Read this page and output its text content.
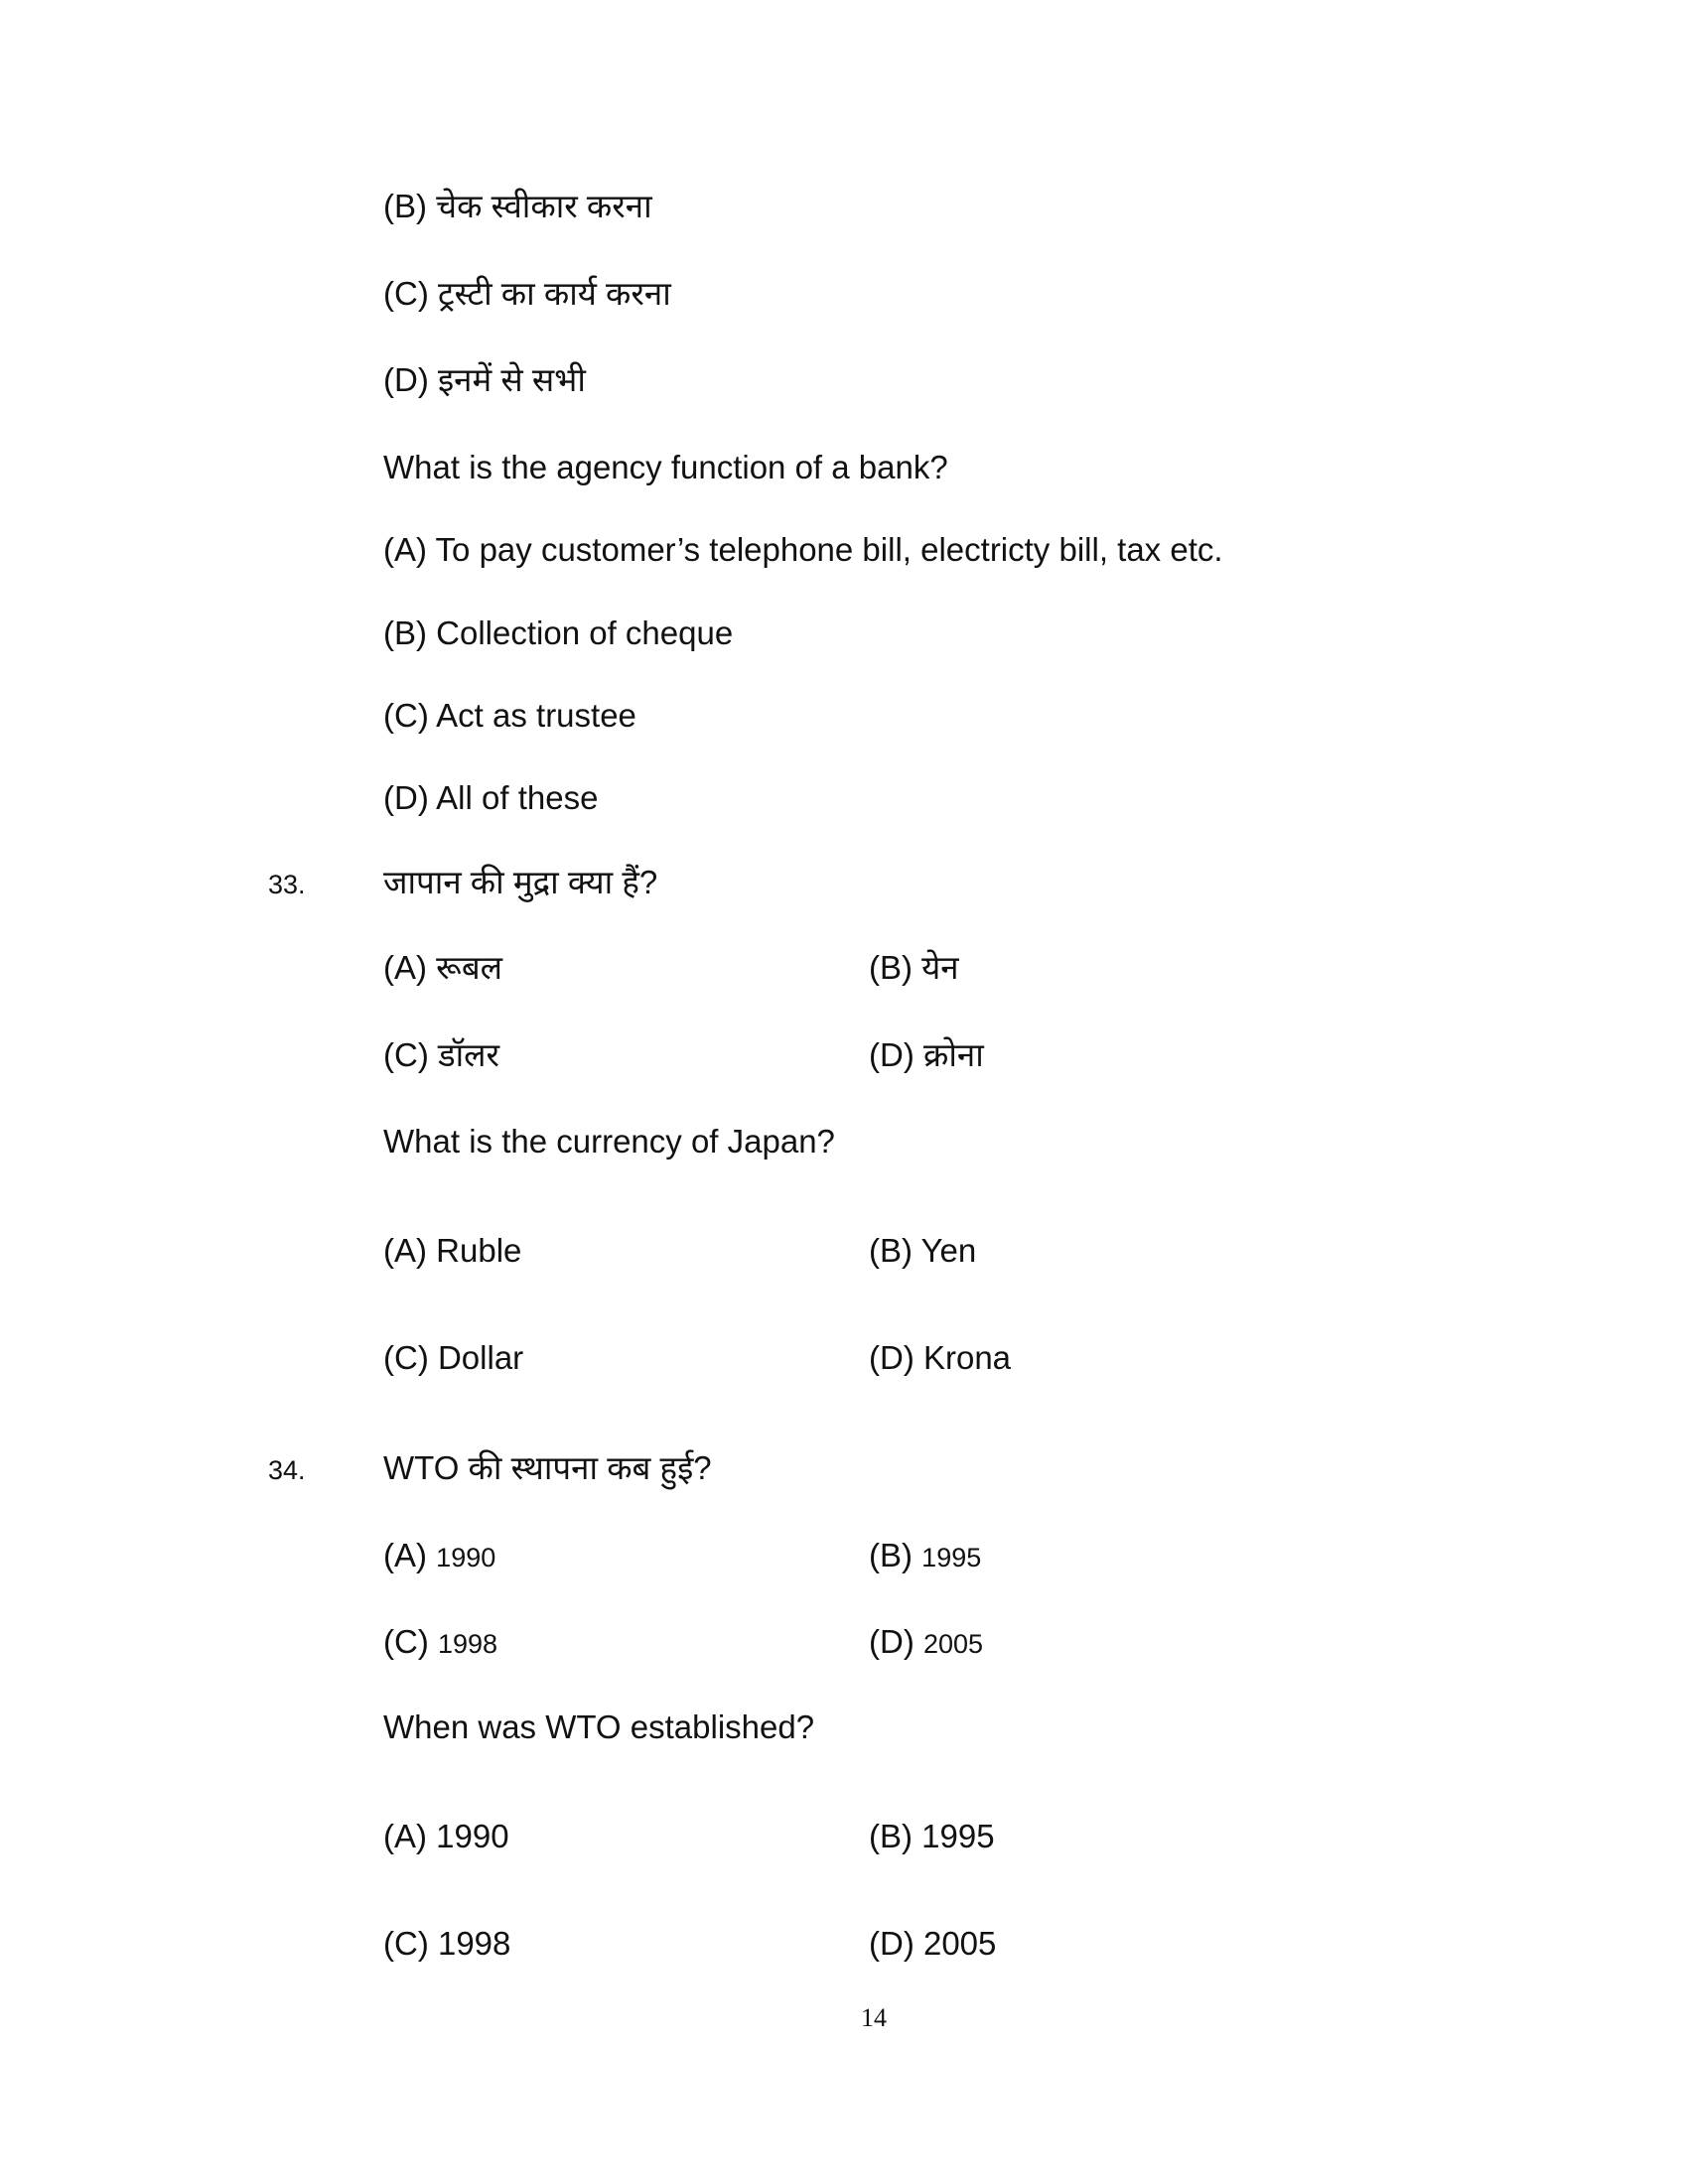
(B) चेक स्वीकार करना
(C) ट्रस्टी का कार्य करना
(D) इनमें से सभी
What is the agency function of a bank?
(A) To pay customer’s telephone bill, electricty bill, tax etc.
(B) Collection of cheque
(C) Act as trustee
(D) All of these
33. जापान की मुद्रा क्या हैं?
(A) रूबल	(B) येन
(C) डॉलर	(D) क्रोना
What is the currency of Japan?
(A) Ruble	(B) Yen
(C) Dollar	(D) Krona
34. WTO की स्थापना कब हुई?
(A) 1990	(B) 1995
(C) 1998	(D) 2005
When was WTO established?
(A) 1990	(B) 1995
(C) 1998	(D) 2005
14
